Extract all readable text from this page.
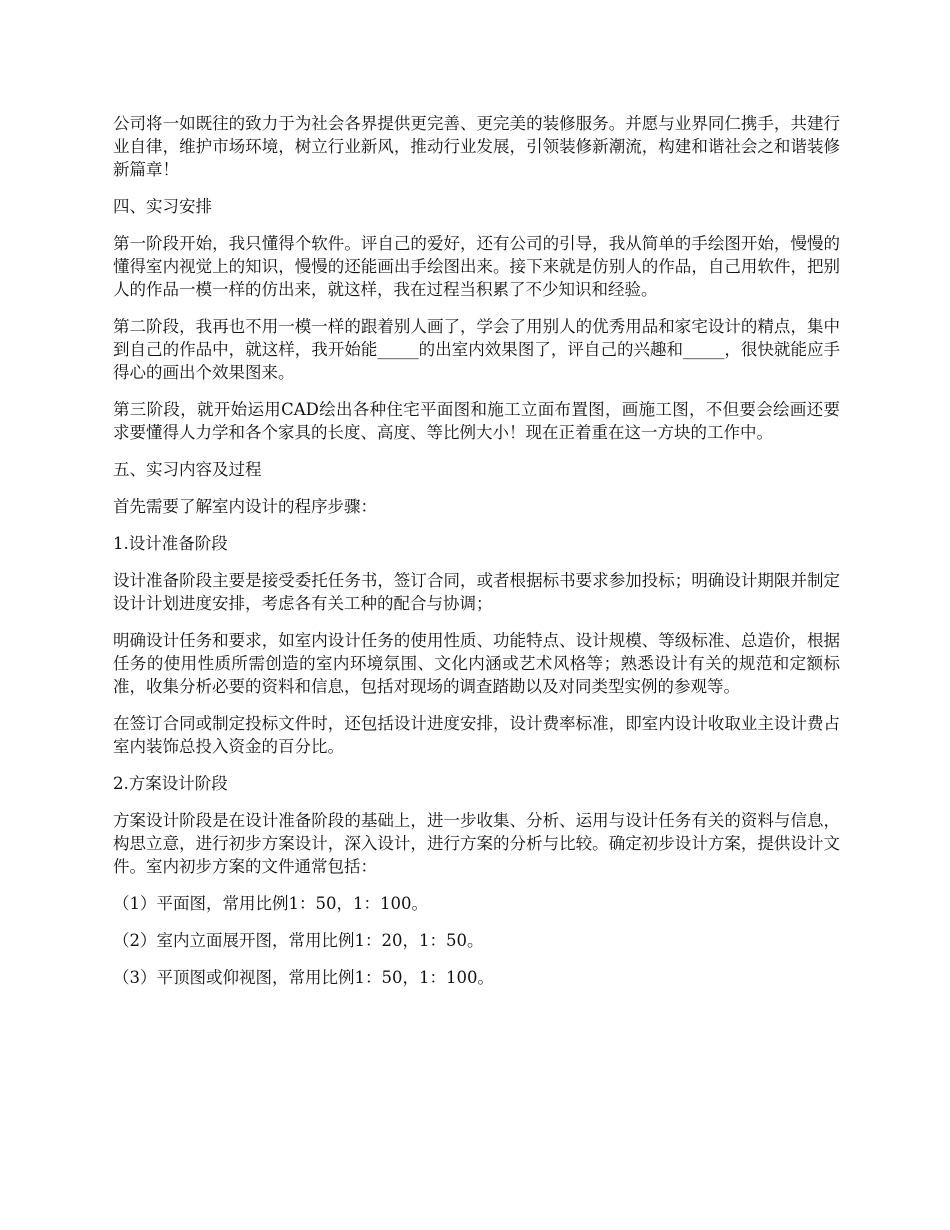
公司将一如既往的致力于为社会各界提供更完善、更完美的装修服务。并愿与业界同仁携手，共建行业自律，维护市场环境，树立行业新风，推动行业发展，引领装修新潮流，构建和谐社会之和谐装修新篇章！

四、实习安排

第一阶段开始，我只懂得个软件。评自己的爱好，还有公司的引导，我从简单的手绘图开始，慢慢的懂得室内视觉上的知识，慢慢的还能画出手绘图出来。接下来就是仿别人的作品，自己用软件，把别人的作品一模一样的仿出来，就这样，我在过程当积累了不少知识和经验。

第二阶段，我再也不用一模一样的跟着别人画了，学会了用别人的优秀用品和家宅设计的精点，集中到自己的作品中，就这样，我开始能_____的出室内效果图了，评自己的兴趣和_____，很快就能应手得心的画出个效果图来。

第三阶段，就开始运用CAD绘出各种住宅平面图和施工立面布置图，画施工图，不但要会绘画还要求要懂得人力学和各个家具的长度、高度、等比例大小！现在正着重在这一方块的工作中。

五、实习内容及过程

首先需要了解室内设计的程序步骤：

1.设计准备阶段

设计准备阶段主要是接受委托任务书，签订合同，或者根据标书要求参加投标；明确设计期限并制定设计计划进度安排，考虑各有关工种的配合与协调；

明确设计任务和要求，如室内设计任务的使用性质、功能特点、设计规模、等级标准、总造价，根据任务的使用性质所需创造的室内环境氛围、文化内涵或艺术风格等；熟悉设计有关的规范和定额标准，收集分析必要的资料和信息，包括对现场的调查踏勘以及对同类型实例的参观等。

在签订合同或制定投标文件时，还包括设计进度安排，设计费率标准，即室内设计收取业主设计费占室内装饰总投入资金的百分比。

2.方案设计阶段

方案设计阶段是在设计准备阶段的基础上，进一步收集、分析、运用与设计任务有关的资料与信息，构思立意，进行初步方案设计，深入设计，进行方案的分析与比较。确定初步设计方案，提供设计文件。室内初步方案的文件通常包括：

（1）平面图，常用比例1：50，1：100。

（2）室内立面展开图，常用比例1：20，1：50。

（3）平顶图或仰视图，常用比例1：50，1：100。
